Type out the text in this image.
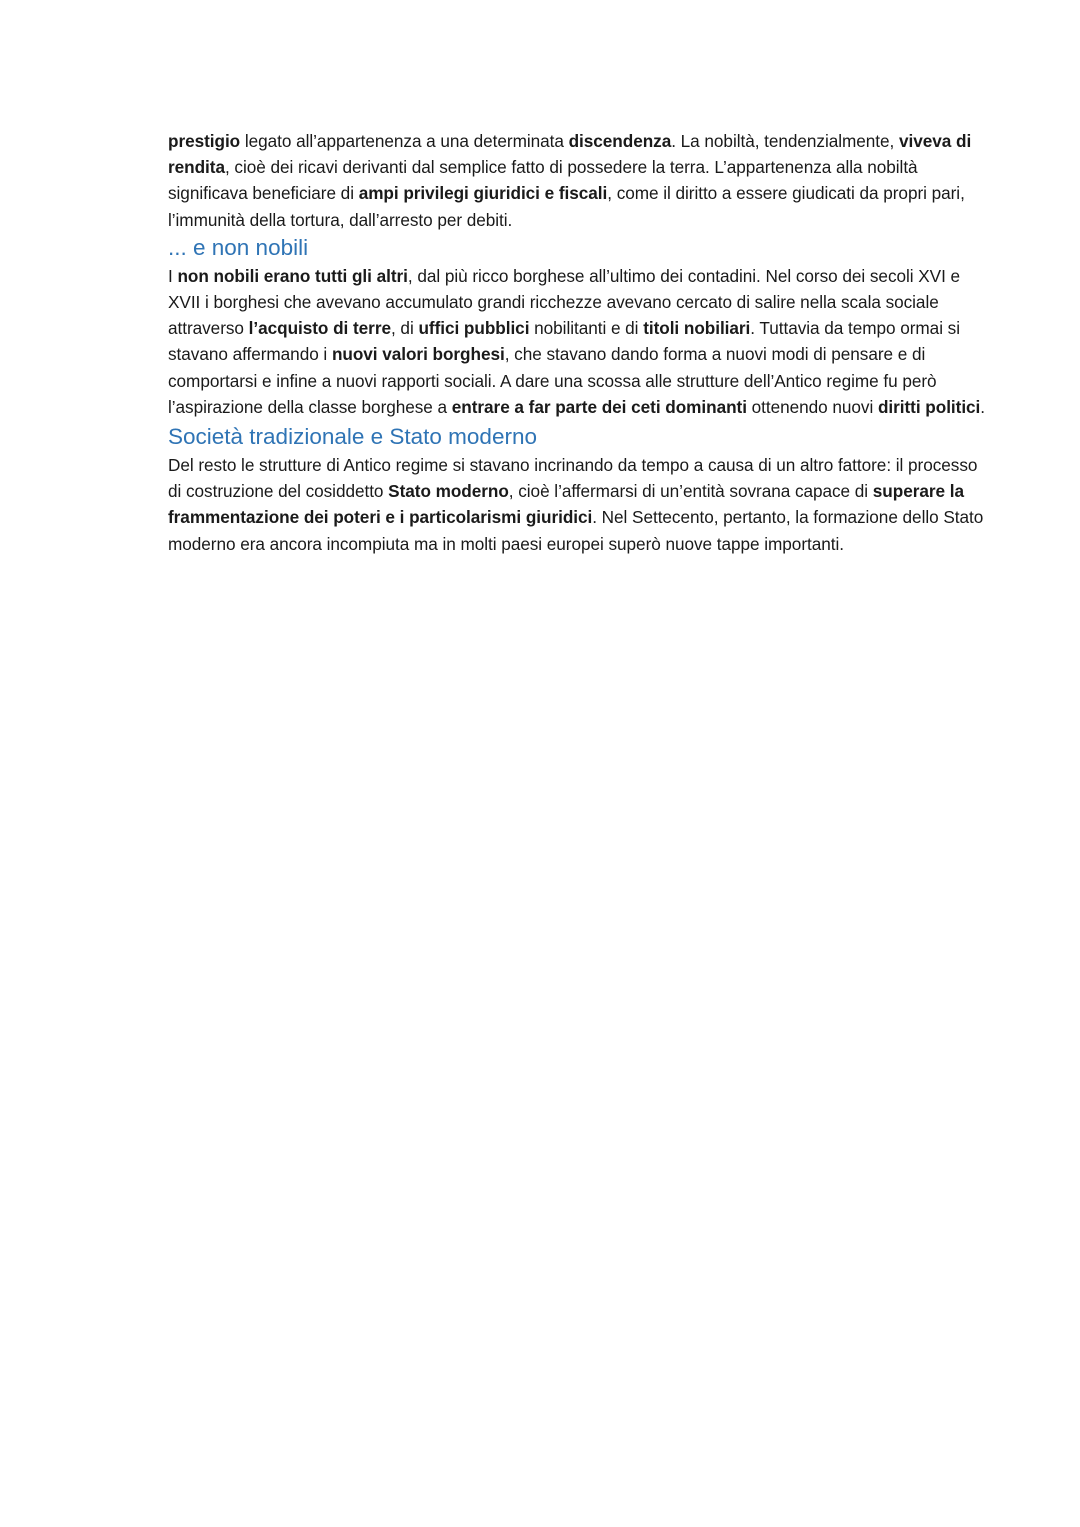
prestigio legato all’appartenenza a una determinata discendenza. La nobiltà, tendenzialmente, viveva di rendita, cioè dei ricavi derivanti dal semplice fatto di possedere la terra. L’appartenenza alla nobiltà significava beneficiare di ampi privilegi giuridici e fiscali, come il diritto a essere giudicati da propri pari, l’immunità della tortura, dall’arresto per debiti.

... e non nobili

I non nobili erano tutti gli altri, dal più ricco borghese all’ultimo dei contadini. Nel corso dei secoli XVI e XVII i borghesi che avevano accumulato grandi ricchezze avevano cercato di salire nella scala sociale attraverso l’acquisto di terre, di uffici pubblici nobilitanti e di titoli nobiliari. Tuttavia da tempo ormai si stavano affermando i nuovi valori borghesi, che stavano dando forma a nuovi modi di pensare e di comportarsi e infine a nuovi rapporti sociali. A dare una scossa alle strutture dell’Antico regime fu però l’aspirazione della classe borghese a entrare a far parte dei ceti dominanti ottenendo nuovi diritti politici.

Società tradizionale e Stato moderno

Del resto le strutture di Antico regime si stavano incrinando da tempo a causa di un altro fattore: il processo di costruzione del cosiddetto Stato moderno, cioè l’affermarsi di un’entità sovrana capace di superare la frammentazione dei poteri e i particolarismi giuridici. Nel Settecento, pertanto, la formazione dello Stato moderno era ancora incompiuta ma in molti paesi europei superò nuove tappe importanti.
